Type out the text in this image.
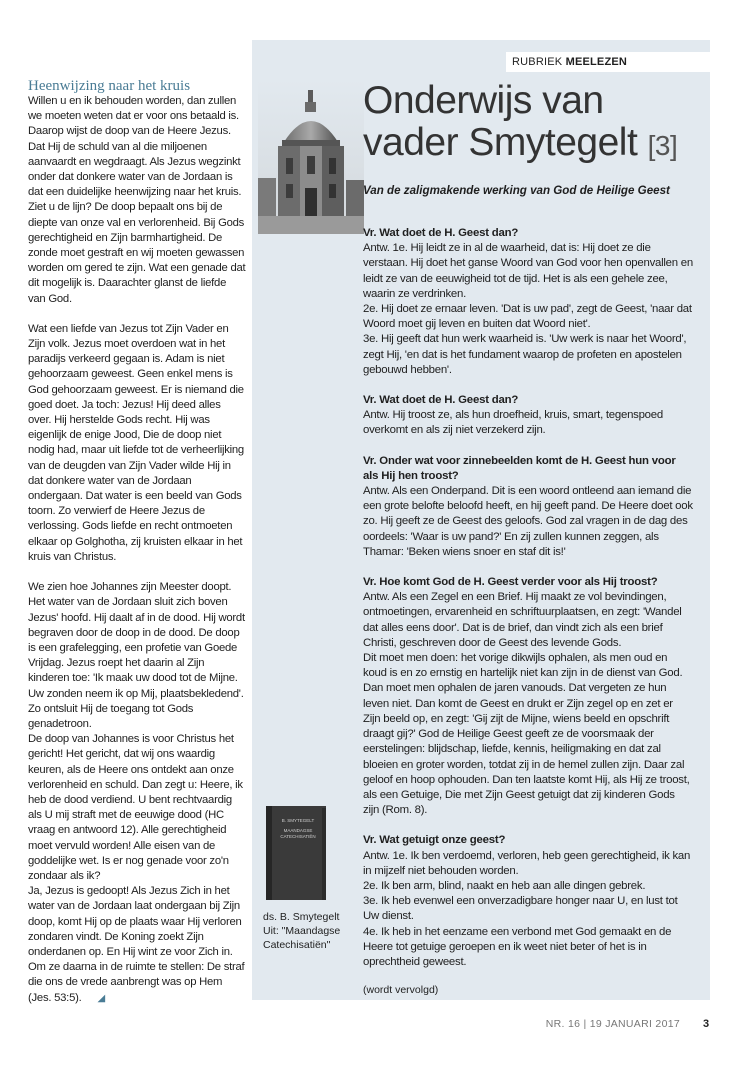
Heenwijzing naar het kruis

Willen u en ik behouden worden, dan zullen we moeten weten dat er voor ons betaald is. Daarop wijst de doop van de Heere Jezus. Dat Hij de schuld van al die miljoenen aanvaardt en wegdraagt. Als Jezus wegzinkt onder dat donkere water van de Jordaan is dat een duidelijke heenwijzing naar het kruis.

Ziet u de lijn? De doop bepaalt ons bij de diepte van onze val en verlorenheid. Bij Gods gerechtigheid en Zijn barmhartigheid. De zonde moet gestraft en wij moeten gewassen worden om gered te zijn. Wat een genade dat dit mogelijk is. Daarachter glanst de liefde van God.

Wat een liefde van Jezus tot Zijn Vader en Zijn volk. Jezus moet overdoen wat in het paradijs verkeerd gegaan is. Adam is niet gehoorzaam geweest. Geen enkel mens is God gehoorzaam geweest. Er is niemand die goed doet. Ja toch: Jezus! Hij deed alles over. Hij herstelde Gods recht. Hij was eigenlijk de enige Jood, Die de doop niet nodig had, maar uit liefde tot de verheerlijking van de deugden van Zijn Vader wilde Hij in dat donkere water van de Jordaan ondergaan. Dat water is een beeld van Gods toorn. Zo verwierf de Heere Jezus de verlossing. Gods liefde en recht ontmoeten elkaar op Golghotha, zij kruisten elkaar in het kruis van Christus.

We zien hoe Johannes zijn Meester doopt. Het water van de Jordaan sluit zich boven Jezus' hoofd. Hij daalt af in de dood. Hij wordt begraven door de doop in de dood. De doop is een grafelegging, een profetie van Goede Vrijdag. Jezus roept het daarin al Zijn kinderen toe: 'Ik maak uw dood tot de Mijne. Uw zonden neem ik op Mij, plaatsbekledend'. Zo ontsluit Hij de toegang tot Gods genadetroon.

De doop van Johannes is voor Christus het gericht! Het gericht, dat wij ons waardig keuren, als de Heere ons ontdekt aan onze verlorenheid en schuld. Dan zegt u: Heere, ik heb de dood verdiend. U bent rechtvaardig als U mij straft met de eeuwige dood (HC vraag en antwoord 12). Alle gerechtigheid moet vervuld worden! Alle eisen van de goddelijke wet. Is er nog genade voor zo'n zondaar als ik?

Ja, Jezus is gedoopt! Als Jezus Zich in het water van de Jordaan laat ondergaan bij Zijn doop, komt Hij op de plaats waar Hij verloren zondaren vindt. De Koning zoekt Zijn onderdanen op. En Hij wint ze voor Zich in. Om ze daarna in de ruimte te stellen: De straf die ons de vrede aanbrengt was op Hem (Jes. 53:5). ◢

RUBRIEK MEELEZEN
Onderwijs van
vader Smytegelt [3]

Van de zaligmakende werking van God de Heilige Geest

Vr. Wat doet de H. Geest dan?

Antw. 1e. Hij leidt ze in al de waarheid, dat is: Hij doet ze die verstaan. Hij doet het ganse Woord van God voor hen openvallen en leidt ze van de eeuwigheid tot de tijd. Het is als een gehele zee, waarin ze verdrinken.

2e. Hij doet ze ernaar leven. 'Dat is uw pad', zegt de Geest, 'naar dat Woord moet gij leven en buiten dat Woord niet'.

3e. Hij geeft dat hun werk waarheid is. 'Uw werk is naar het Woord', zegt Hij, 'en dat is het fundament waarop de profeten en apostelen gebouwd hebben'.

Vr. Wat doet de H. Geest dan?

Antw. Hij troost ze, als hun droefheid, kruis, smart, tegenspoed overkomt en als zij niet verzekerd zijn.

Vr. Onder wat voor zinnebeelden komt de H. Geest hun voor als Hij hen troost?

Antw. Als een Onderpand. Dit is een woord ontleend aan iemand die een grote belofte beloofd heeft, en hij geeft pand. De Heere doet ook zo. Hij geeft ze de Geest des geloofs. God zal vragen in de dag des oordeels: 'Waar is uw pand?' En zij zullen kunnen zeggen, als Thamar: 'Beken wiens snoer en staf dit is!'

Vr. Hoe komt God de H. Geest verder voor als Hij troost?

Antw. Als een Zegel en een Brief. Hij maakt ze vol bevindingen, ontmoetingen, ervarenheid en schriftuurplaatsen, en zegt: 'Wandel dat alles eens door'. Dat is de brief, dan vindt zich als een brief Christi, geschreven door de Geest des levende Gods.

Dit moet men doen: het vorige dikwijls ophalen, als men oud en koud is en zo ernstig en hartelijk niet kan zijn in de dienst van God. Dan moet men ophalen de jaren vanouds. Dat vergeten ze hun leven niet. Dan komt de Geest en drukt er Zijn zegel op en zet er Zijn beeld op, en zegt: 'Gij zijt de Mijne, wiens beeld en opschrift draagt gij?' God de Heilige Geest geeft ze de voorsmaak der eerstelingen: blijdschap, liefde, kennis, heiligmaking en dat zal bloeien en groter worden, totdat zij in de hemel zullen zijn. Daar zal geloof en hoop ophouden. Dan ten laatste komt Hij, als Hij ze troost, als een Getuige, Die met Zijn Geest getuigt dat zij kinderen Gods zijn (Rom. 8).

Vr. Wat getuigt onze geest?

Antw. 1e. Ik ben verdoemd, verloren, heb geen gerechtigheid, ik kan in mijzelf niet behouden worden.

2e. Ik ben arm, blind, naakt en heb aan alle dingen gebrek.

3e. Ik heb evenwel een onverzadigbare honger naar U, en lust tot Uw dienst.

4e. Ik heb in het eenzame een verbond met God gemaakt en de Heere tot getuige geroepen en ik weet niet beter of het is in oprechtheid geweest.

(wordt vervolgd)

B. SMYTEGELT
MAANDAGSE
CATECHISATIËN
ds. B. Smytegelt
Uit: "Maandagse
Catechisatiën"
NR. 16 | 19 JANUARI 2017 3
